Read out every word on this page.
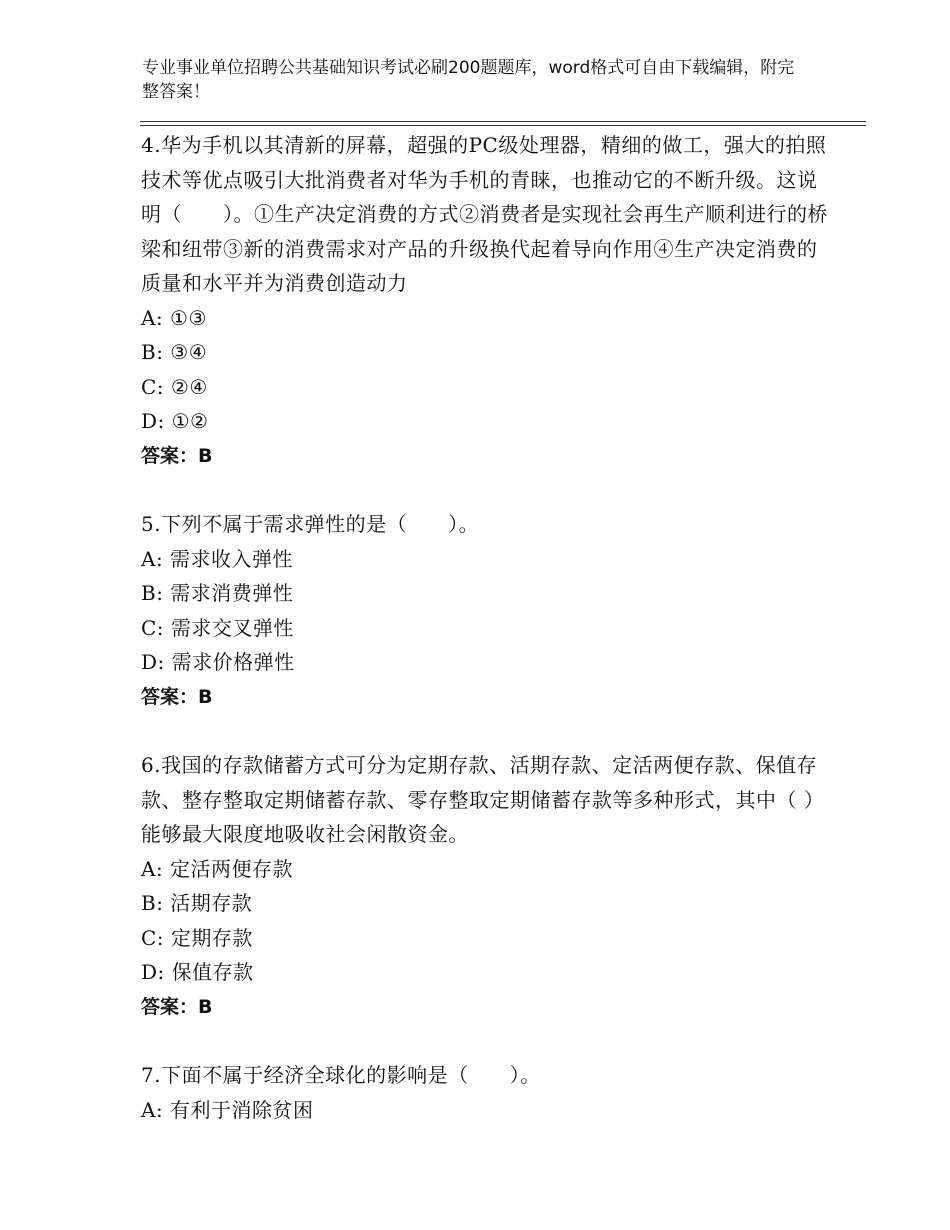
专业事业单位招聘公共基础知识考试必刷200题题库，word格式可自由下载编辑，附完整答案！
4.华为手机以其清新的屏幕，超强的PC级处理器，精细的做工，强大的拍照技术等优点吸引大批消费者对华为手机的青睐，也推动它的不断升级。这说明（　　）。①生产决定消费的方式②消费者是实现社会再生产顺利进行的桥梁和纽带③新的消费需求对产品的升级换代起着导向作用④生产决定消费的质量和水平并为消费创造动力
A: ①③
B: ③④
C: ②④
D: ①②
答案：B
5.下列不属于需求弹性的是（　　）。
A: 需求收入弹性
B: 需求消费弹性
C: 需求交叉弹性
D: 需求价格弹性
答案：B
6.我国的存款储蓄方式可分为定期存款、活期存款、定活两便存款、保值存款、整存整取定期储蓄存款、零存整取定期储蓄存款等多种形式，其中（ ）能够最大限度地吸收社会闲散资金。
A: 定活两便存款
B: 活期存款
C: 定期存款
D: 保值存款
答案：B
7.下面不属于经济全球化的影响是（　　）。
A: 有利于消除贫困
